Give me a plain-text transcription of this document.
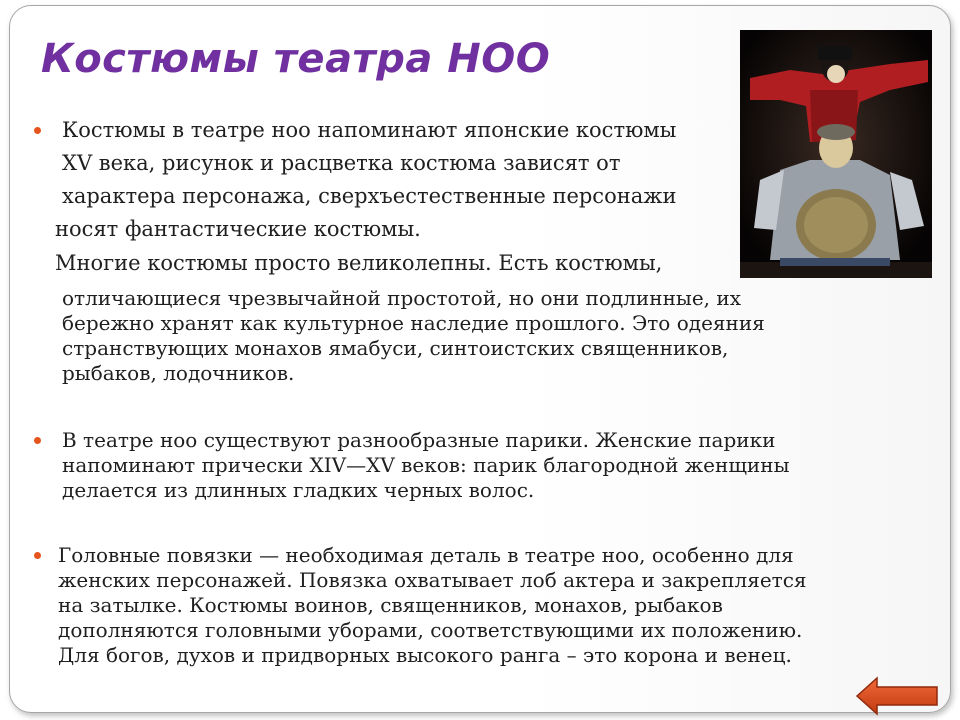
Костюмы театра НОО
Костюмы в театре ноо напоминают японские костюмы
XV века, рисунок и расцветка костюма зависят от
характера персонажа, сверхъестественные персонажи
носят фантастические костюмы.
Многие костюмы просто великолепны. Есть костюмы,
отличающиеся чрезвычайной простотой, но они подлинные, их
бережно хранят как культурное наследие прошлого. Это одеяния
странствующих монахов ямабуси, синтоистских священников,
рыбаков, лодочников.
В театре ноо существуют разнообразные парики. Женские парики
напоминают прически XIV—XV веков: парик благородной женщины
делается из длинных гладких черных волос.
Головные повязки — необходимая деталь в театре ноо, особенно для
женских персонажей. Повязка охватывает лоб актера и закрепляется
на затылке. Костюмы воинов, священников, монахов, рыбаков
дополняются головными уборами, соответствующими их положению.
Для богов, духов и придворных высокого ранга – это корона и венец.
